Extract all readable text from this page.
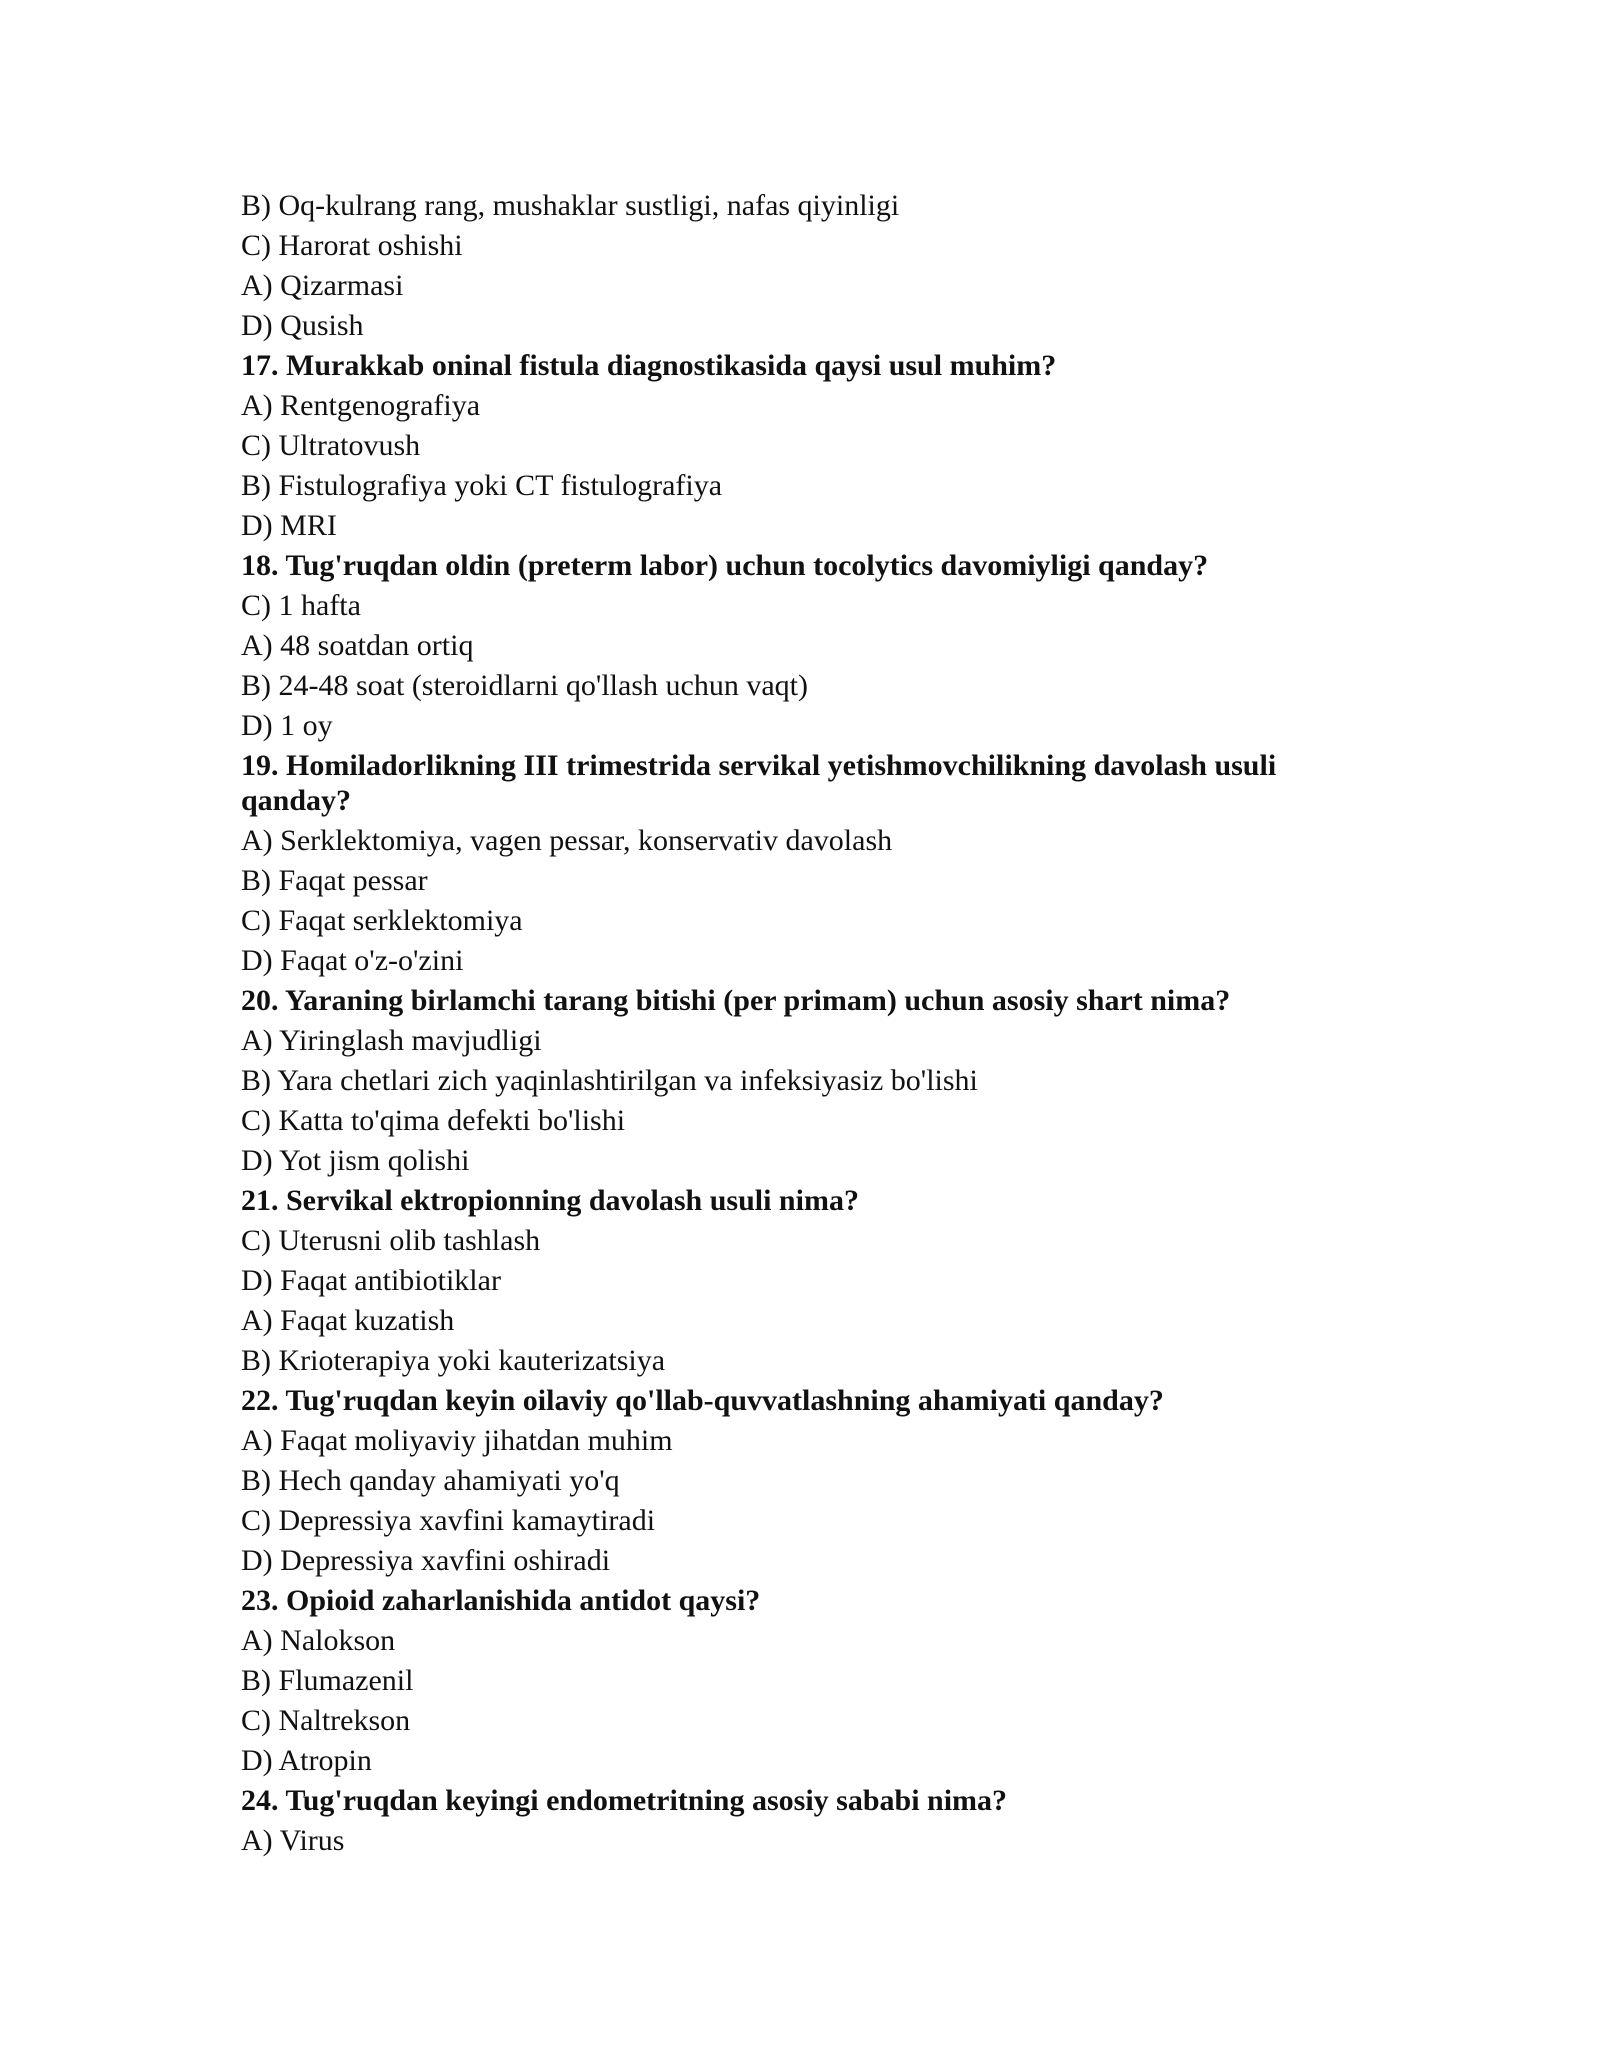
B) Oq-kulrang rang, mushaklar sustligi, nafas qiyinligi

C) Harorat oshishi

A) Qizarmasi

D) Qusish

17. Murakkab oninal fistula diagnostikasida qaysi usul muhim?

A) Rentgenografiya

C) Ultratovush

B) Fistulografiya yoki CT fistulografiya

D) MRI

18. Tug'ruqdan oldin (preterm labor) uchun tocolytics davomiyligi qanday?

C) 1 hafta

A) 48 soatdan ortiq

B) 24-48 soat (steroidlarni qo'llash uchun vaqt)

D) 1 oy

19. Homiladorlikning III trimestrida servikal yetishmovchilikning davolash usuli qanday?

A) Serklektomiya, vagen pessar, konservativ davolash

B) Faqat pessar

C) Faqat serklektomiya

D) Faqat o'z-o'zini

20. Yaraning birlamchi tarang bitishi (per primam) uchun asosiy shart nima?

A) Yiringlash mavjudligi

B) Yara chetlari zich yaqinlashtirilgan va infeksiyasiz bo'lishi

C) Katta to'qima defekti bo'lishi

D) Yot jism qolishi

21. Servikal ektropionning davolash usuli nima?

C) Uterusni olib tashlash

D) Faqat antibiotiklar

A) Faqat kuzatish

B) Krioterapiya yoki kauterizatsiya

22. Tug'ruqdan keyin oilaviy qo'llab-quvvatlashning ahamiyati qanday?

A) Faqat moliyaviy jihatdan muhim

B) Hech qanday ahamiyati yo'q

C) Depressiya xavfini kamaytiradi

D) Depressiya xavfini oshiradi

23. Opioid zaharlanishida antidot qaysi?

A) Nalokson

B) Flumazenil

C) Naltrekson

D) Atropin

24. Tug'ruqdan keyingi endometritning asosiy sababi nima?

A) Virus
